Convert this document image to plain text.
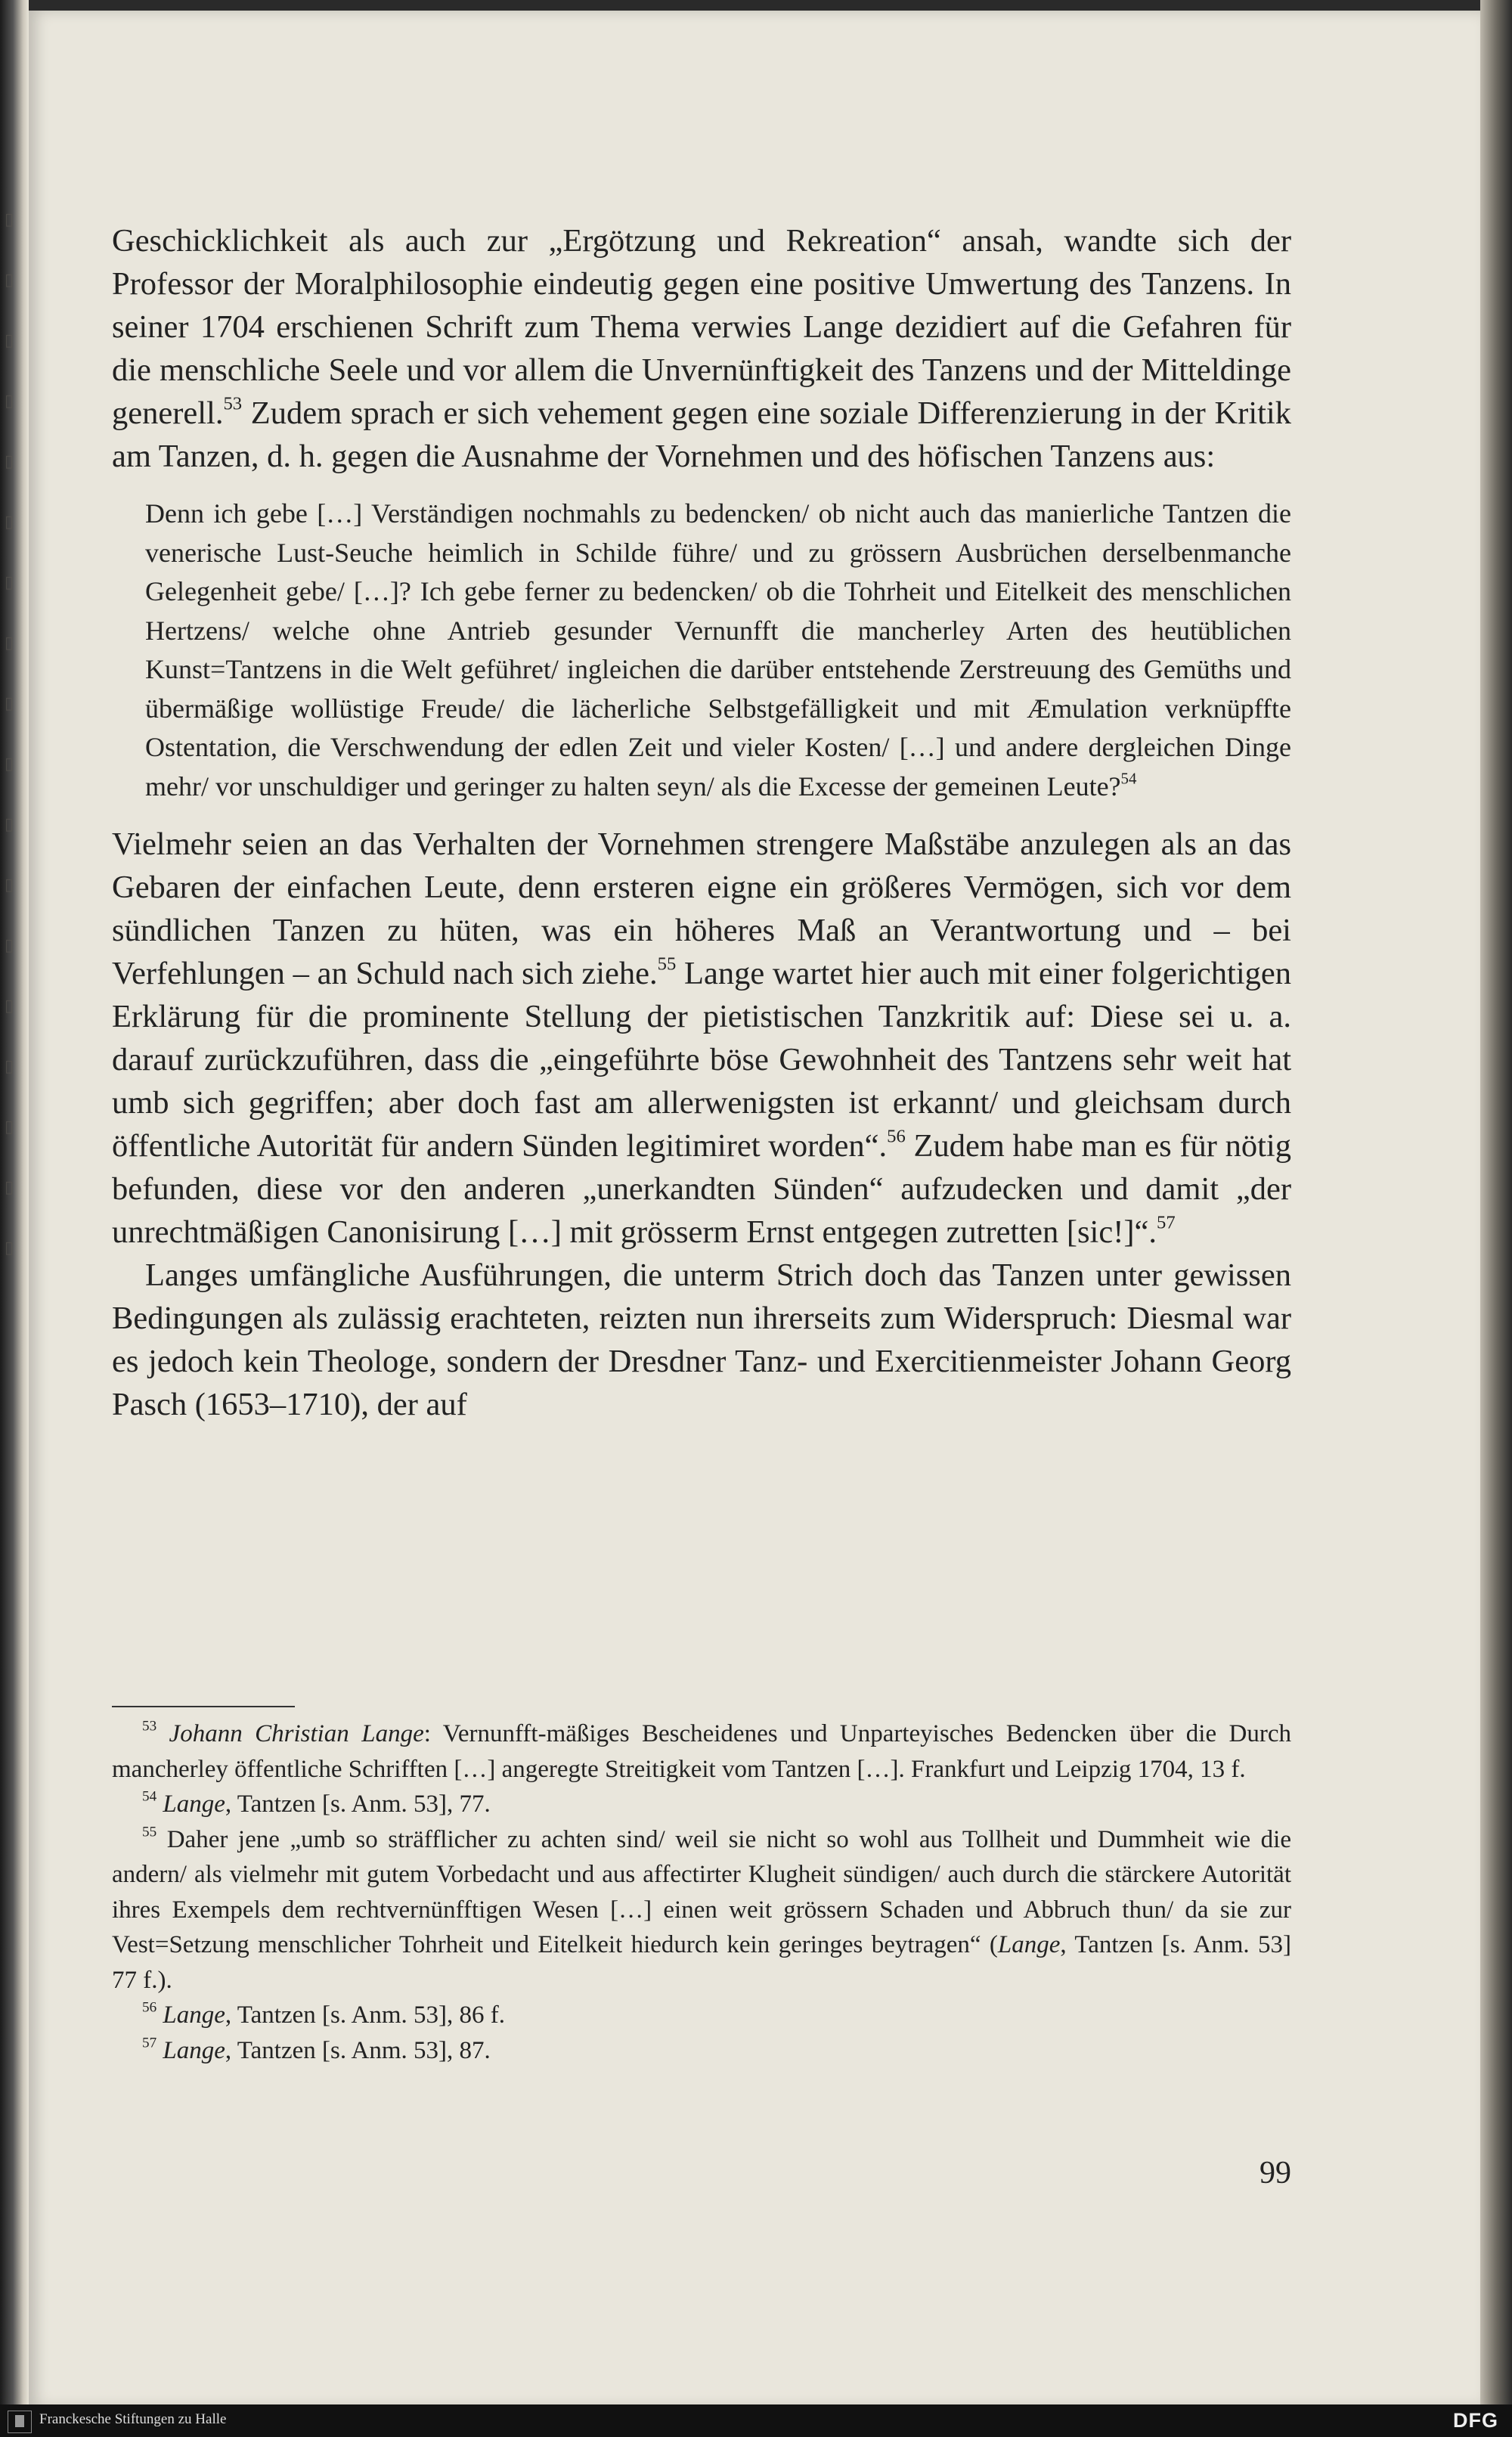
▯
▯
▯
▯
▯
▯
▯
▯
▯
▯
▯
▯
▯
▯
▯
▯
▯
▯

Geschicklichkeit als auch zur „Ergötzung und Rekreation“ ansah, wandte sich der Professor der Moralphilosophie eindeutig gegen eine positive Umwertung des Tanzens. In seiner 1704 erschienen Schrift zum Thema verwies Lange dezidiert auf die Gefahren für die menschliche Seele und vor allem die Unvernünftigkeit des Tanzens und der Mitteldinge generell.$^{53}$ Zudem sprach er sich vehement gegen eine soziale Differenzierung in der Kritik am Tanzen, d. h. gegen die Ausnahme der Vornehmen und des höfischen Tanzens aus:

Denn ich gebe […] Verständigen nochmahls zu bedencken/ ob nicht auch das manierliche Tantzen die venerische Lust-Seuche heimlich in Schilde führe/ und zu grössern Ausbrüchen derselbenmanche Gelegenheit gebe/ […]? Ich gebe ferner zu bedencken/ ob die Tohrheit und Eitelkeit des menschlichen Hertzens/ welche ohne Antrieb gesunder Vernunfft die mancherley Arten des heutüblichen Kunst=Tantzens in die Welt geführet/ ingleichen die darüber entstehende Zerstreuung des Gemüths und übermäßige wollüstige Freude/ die lächerliche Selbstgefälligkeit und mit Æmulation verknüpffte Ostentation, die Verschwendung der edlen Zeit und vieler Kosten/ […] und andere dergleichen Dinge mehr/ vor unschuldiger und geringer zu halten seyn/ als die Excesse der gemeinen Leute?$^{54}$

Vielmehr seien an das Verhalten der Vornehmen strengere Maßstäbe anzulegen als an das Gebaren der einfachen Leute, denn ersteren eigne ein größeres Vermögen, sich vor dem sündlichen Tanzen zu hüten, was ein höheres Maß an Verantwortung und – bei Verfehlungen – an Schuld nach sich ziehe.$^{55}$ Lange wartet hier auch mit einer folgerichtigen Erklärung für die prominente Stellung der pietistischen Tanzkritik auf: Diese sei u. a. darauf zurückzuführen, dass die „eingeführte böse Gewohnheit des Tantzens sehr weit hat umb sich gegriffen; aber doch fast am allerwenigsten ist erkannt/ und gleichsam durch öffentliche Autorität für andern Sünden legitimiret worden“.$^{56}$ Zudem habe man es für nötig befunden, diese vor den anderen „unerkandten Sünden“ aufzudecken und damit „der unrechtmäßigen Canonisirung […] mit grösserm Ernst entgegen zutretten [sic!]“.$^{57}$

Langes umfängliche Ausführungen, die unterm Strich doch das Tanzen unter gewissen Bedingungen als zulässig erachteten, reizten nun ihrerseits zum Widerspruch: Diesmal war es jedoch kein Theologe, sondern der Dresdner Tanz- und Exercitienmeister Johann Georg Pasch (1653–1710), der auf

$^{53}$ Johann Christian Lange: Vernunfft-mäßiges Bescheidenes und Unparteyisches Bedencken über die Durch mancherley öffentliche Schrifften […] angeregte Streitigkeit vom Tantzen […]. Frankfurt und Leipzig 1704, 13 f.

$^{54}$ Lange, Tantzen [s. Anm. 53], 77.

$^{55}$ Daher jene „umb so sträfflicher zu achten sind/ weil sie nicht so wohl aus Tollheit und Dummheit wie die andern/ als vielmehr mit gutem Vorbedacht und aus affectirter Klugheit sündigen/ auch durch die stärckere Autorität ihres Exempels dem rechtvernünfftigen Wesen […] einen weit grössern Schaden und Abbruch thun/ da sie zur Vest=Setzung menschlicher Tohrheit und Eitelkeit hiedurch kein geringes beytragen“ (Lange, Tantzen [s. Anm. 53] 77 f.).

$^{56}$ Lange, Tantzen [s. Anm. 53], 86 f.

$^{57}$ Lange, Tantzen [s. Anm. 53], 87.

99
Franckesche Stiftungen zu Halle	DFG
